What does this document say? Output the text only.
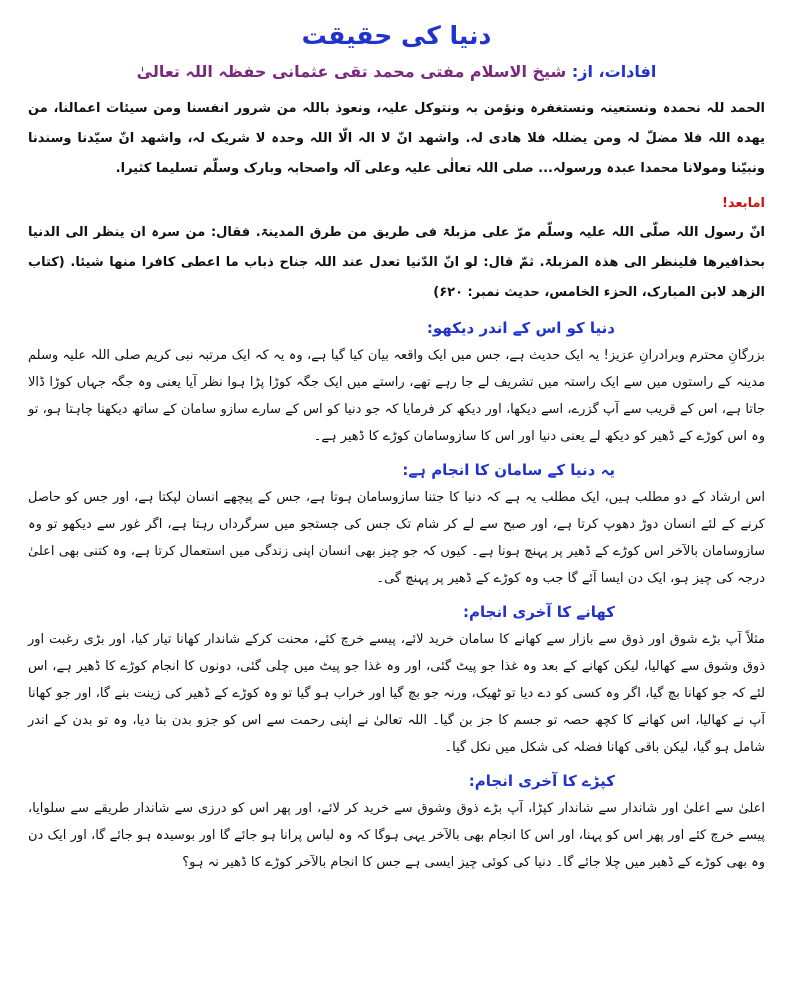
دنیا کی حقیقت
افادات، از: شیخ الاسلام مفتی محمد تقی عثمانی حفظہ اللہ تعالیٰ

الحمد للہ نحمدہ ونستعینہ ونستغفرہ ونؤمن بہ ونتوکل علیہ، ونعوذ باللہ من شرور انفسنا ومن سیئات اعمالنا، من یھدہ اللہ فلا مضلّ لہ ومن یضللہ فلا ھادی لہ. واشھد انّ لا الہ الّا اللہ وحدہ لا شریک لہ، واشھد انّ سیّدنا وسندنا ونبیّنا ومولانا محمدا عبدہ ورسولہ... صلی اللہ تعالٰی علیہ وعلی آلہ واصحابہ وبارک وسلّم تسلیما کثیرا.

امابعد!

انّ رسول اللہ صلّی اللہ علیہ وسلّم مرّ علی مزبلۃ فی طریق من طرق المدینۃ. فقال: من سرہ ان ینظر الی الدنیا بحذافیرھا فلینظر الی ھذہ المزبلۃ. ثمّ قال: لو انّ الدّنیا تعدل عند اللہ جناح ذباب ما اعطی کافرا منھا شیئا. (کتاب الزھد لابن المبارک، الحزء الخامس، حدیث نمبر: ۶۲۰)

دنیا کو اس کے اندر دیکھو:

بزرگانِ محترم وبرادرانِ عزیز! یہ ایک حدیث ہے، جس میں ایک واقعہ بیان کیا گیا ہے، وہ یہ کہ ایک مرتبہ نبی کریم صلی اللہ علیہ وسلم مدینہ کے راستوں میں سے ایک راستہ میں تشریف لے جا رہے تھے، راستے میں ایک جگہ کوڑا پڑا ہوا نظر آیا یعنی وہ جگہ جہاں کوڑا ڈالا جاتا ہے، اس کے قریب سے آپ گزرے، اسے دیکھا، اور دیکھ کر فرمایا کہ جو دنیا کو اس کے سارے سازو سامان کے ساتھ دیکھنا چاہتا ہو، تو وہ اس کوڑے کے ڈھیر کو دیکھ لے یعنی دنیا اور اس کا سازوسامان کوڑے کا ڈھیر ہے۔

یہ دنیا کے سامان کا انجام ہے:

اس ارشاد کے دو مطلب ہیں، ایک مطلب یہ ہے کہ دنیا کا جتنا سازوسامان ہوتا ہے، جس کے پیچھے انسان لپکتا ہے، اور جس کو حاصل کرنے کے لئے انسان دوڑ دھوپ کرتا ہے، اور صبح سے لے کر شام تک جس کی جستجو میں سرگرداں رہتا ہے، اگر غور سے دیکھو تو وہ سازوسامان بالآخر اس کوڑے کے ڈھیر پر پہنچ ہونا ہے۔ کیوں کہ جو چیز بھی انسان اپنی زندگی میں استعمال کرتا ہے، وہ کتنی بھی اعلیٰ درجہ کی چیز ہو، ایک دن ایسا آئے گا جب وہ کوڑے کے ڈھیر پر پہنچ گی۔

کھانے کا آخری انجام:

مثلاً آپ بڑے شوق اور ذوق سے بازار سے کھانے کا سامان خرید لائے، پیسے خرچ کئے، محنت کرکے شاندار کھانا تیار کیا، اور بڑی رغبت اور ذوق وشوق سے کھالیا، لیکن کھانے کے بعد وہ غذا جو پیٹ گئی، اور وہ غذا جو پیٹ میں چلی گئی، دونوں کا انجام کوڑے کا ڈھیر ہے، اس لئے کہ جو کھانا بچ گیا، اگر وہ کسی کو دے دیا تو ٹھیک، ورنہ جو بچ گیا اور خراب ہو گیا تو وہ کوڑے کے ڈھیر کی زینت بنے گا، اور جو کھانا آپ نے کھالیا، اس کھانے کا کچھ حصہ تو جسم کا جز بن گیا۔ اللہ تعالیٰ نے اپنی رحمت سے اس کو جزو بدن بنا دیا، وہ تو بدن کے اندر شامل ہو گیا، لیکن باقی کھانا فضلہ کی شکل میں نکل گیا۔

کپڑے کا آخری انجام:

اعلیٰ سے اعلیٰ اور شاندار سے شاندار کپڑا، آپ بڑے ذوق وشوق سے خرید کر لائے، اور پھر اس کو درزی سے شاندار طریقے سے سلوایا، پیسے خرچ کئے اور پھر اس کو پہنا، اور اس کا انجام بھی بالآخر یہی ہوگا کہ وہ لباس پرانا ہو جائے گا اور بوسیدہ ہو جائے گا، اور ایک دن وہ بھی کوڑے کے ڈھیر میں چلا جائے گا۔ دنیا کی کوئی چیز ایسی ہے جس کا انجام بالآخر کوڑے کا ڈھیر نہ ہو؟
